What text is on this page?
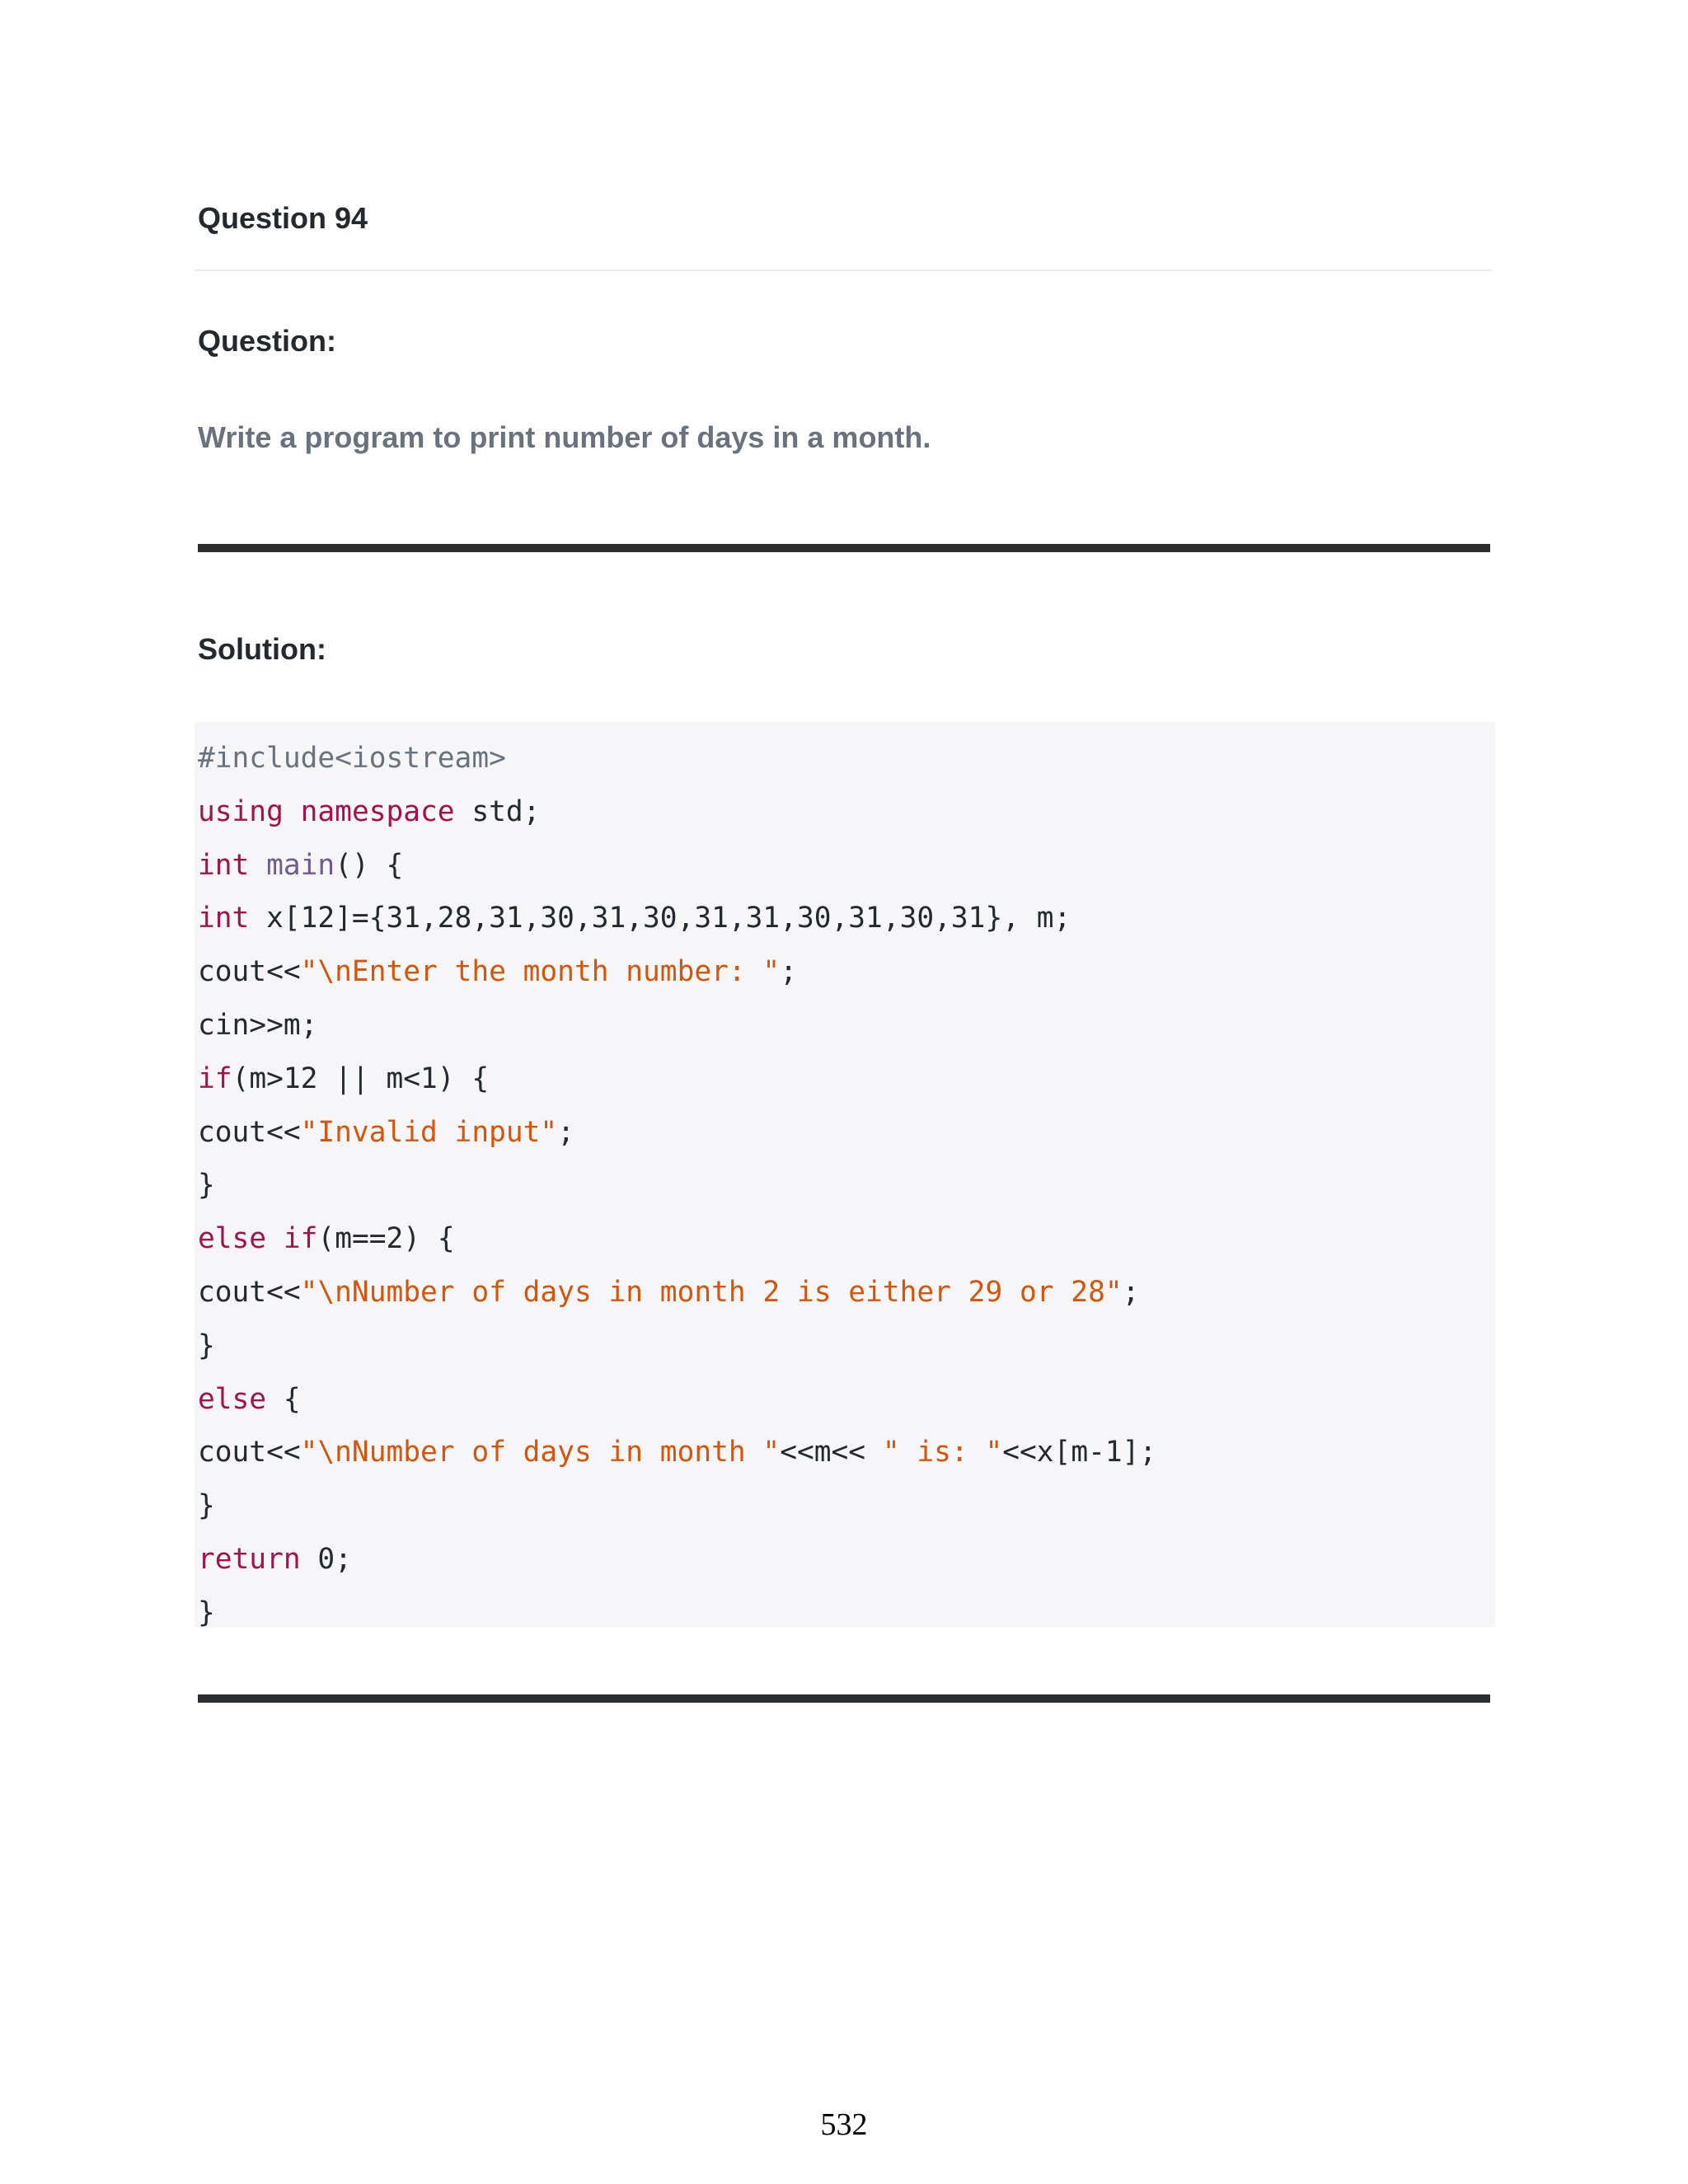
Question 94
Question:
Write a program to print number of days in a month.
Solution:
#include<iostream>
using namespace std;
int main() {
int x[12]={31,28,31,30,31,30,31,31,30,31,30,31}, m;
cout<<"\nEnter the month number: ";
cin>>m;
if(m>12 || m<1) {
cout<<"Invalid input";
}
else if(m==2) {
cout<<"\nNumber of days in month 2 is either 29 or 28";
}
else {
cout<<"\nNumber of days in month "<<m<< " is: "<<x[m-1];
}
return 0;
}
532
